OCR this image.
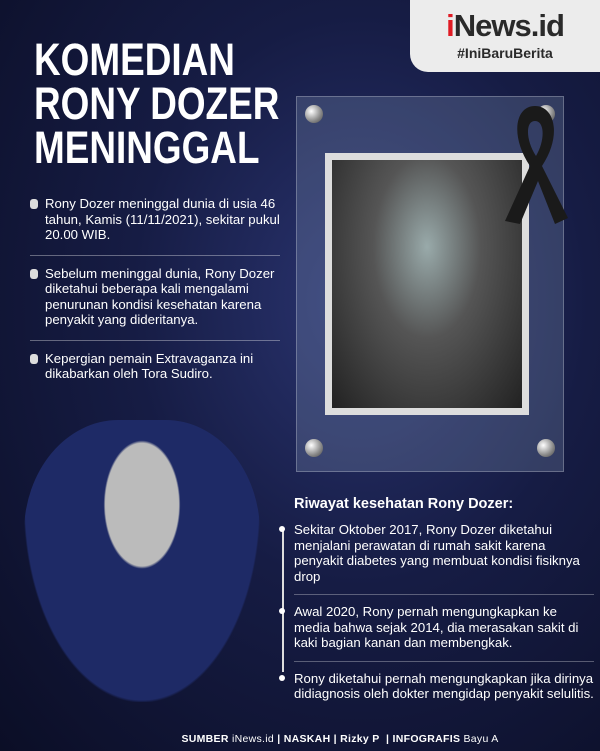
iNews.id
#IniBaruBerita
KOMEDIAN
RONY DOZER
MENINGGAL
Rony Dozer meninggal dunia di usia 46 tahun, Kamis (11/11/2021), sekitar pukul 20.00 WIB.
Sebelum meninggal dunia, Rony Dozer diketahui beberapa kali mengalami penurunan kondisi kesehatan karena penyakit yang dideritanya.
Kepergian pemain Extravaganza ini dikabarkan oleh Tora Sudiro.
Riwayat kesehatan Rony Dozer:
Sekitar Oktober 2017, Rony Dozer diketahui menjalani perawatan di rumah sakit karena penyakit diabetes yang membuat kondisi fisiknya drop
Awal 2020, Rony pernah mengungkapkan ke media bahwa sejak 2014, dia merasakan sakit di kaki bagian kanan dan membengkak.
Rony diketahui pernah mengungkapkan jika dirinya didiagnosis oleh dokter mengidap penyakit selulitis.
SUMBER iNews.id | NASKAH | Rizky P | INFOGRAFIS Bayu A
